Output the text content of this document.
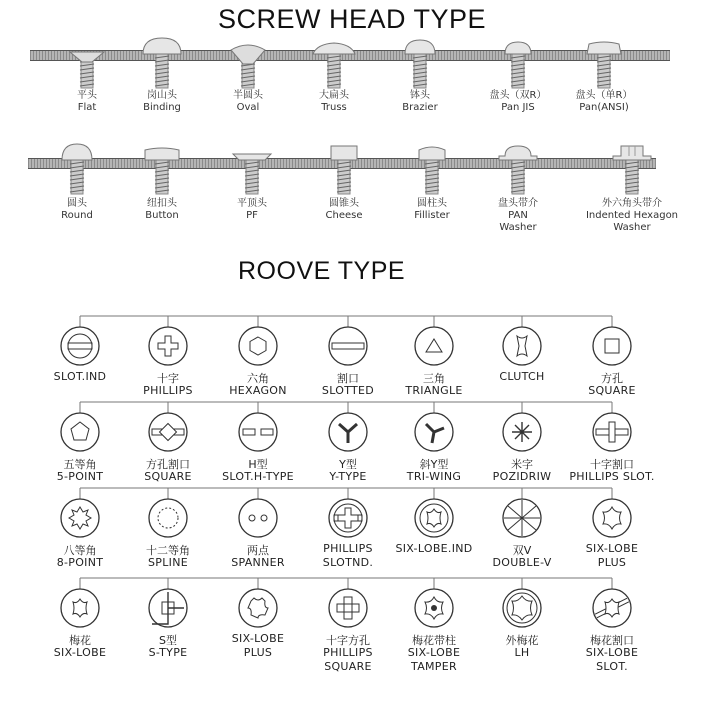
SCREW HEAD TYPE
ROOVE TYPE
平头
Flat
岗山头
Binding
半圆头
Oval
大扁头
Truss
钵头
Brazier
盘头（双R）
Pan JIS
盘头（单R）
Pan(ANSI)
圆头
Round
纽扣头
Button
平顶头
PF
圆锥头
Cheese
圆柱头
Fillister
盘头带介
PAN
Washer
外六角头带介
Indented Hexagon
Washer
SLOT.IND	十字
PHILLIPS
六角
HEXAGON
割口
SLOTTED
三角
TRIANGLE
CLUTCH	方孔
SQUARE
五等角
5-POINT
方孔割口
SQUARE
H型
SLOT.H-TYPE
Y型
Y-TYPE
斜Y型
TRI-WING
米字
POZIDRIW
十字割口
PHILLIPS SLOT.
八等角
8-POINT
十二等角
SPLINE
两点
SPANNER
PHILLIPS
SLOTND.
SIX-LOBE.IND	双V
DOUBLE-V
SIX-LOBE
PLUS
梅花
SIX-LOBE
S型
S-TYPE
SIX-LOBE
PLUS
十字方孔
PHILLIPS
SQUARE
梅花带柱
SIX-LOBE
TAMPER
外梅花
LH
梅花割口
SIX-LOBE
SLOT.
